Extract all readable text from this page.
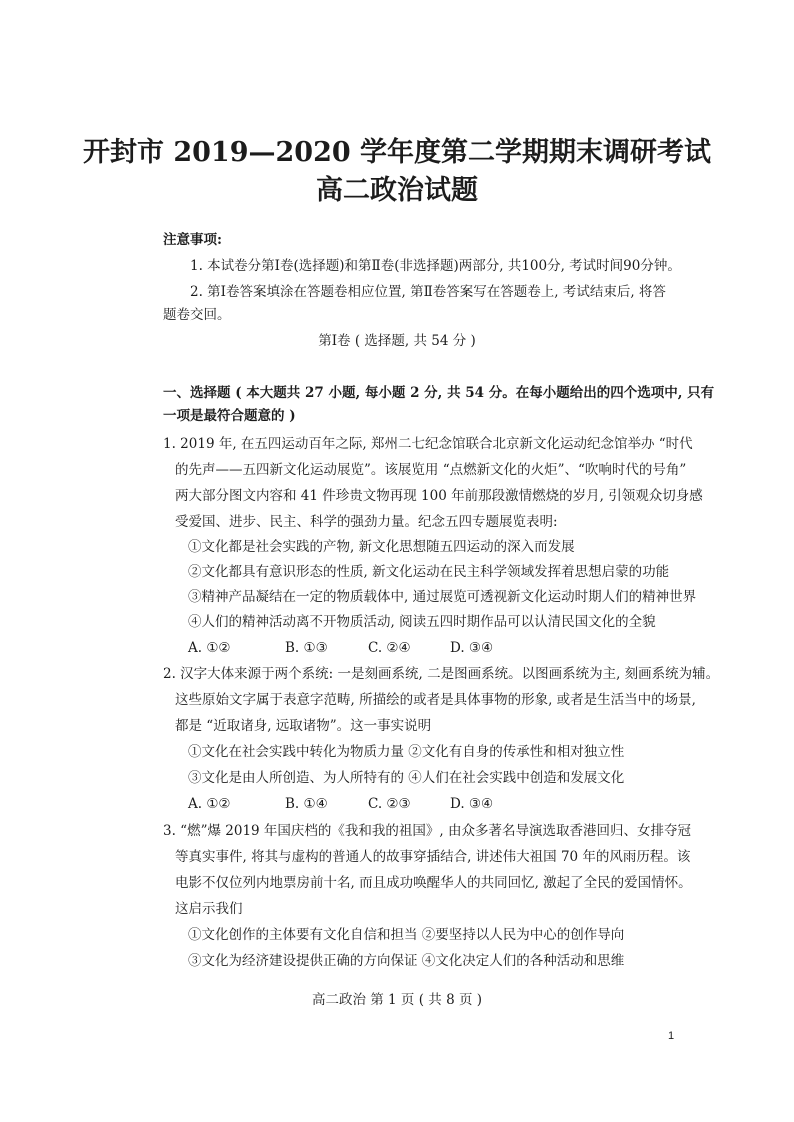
开封市 2019—2020 学年度第二学期期末调研考试
高二政治试题
注意事项:
1. 本试卷分第Ⅰ卷(选择题)和第Ⅱ卷(非选择题)两部分, 共100分, 考试时间90分钟。
2. 第Ⅰ卷答案填涂在答题卷相应位置, 第Ⅱ卷答案写在答题卷上, 考试结束后, 将答
题卷交回。
第Ⅰ卷 ( 选择题, 共 54 分 )
一、选择题 ( 本大题共 27 小题, 每小题 2 分, 共 54 分。在每小题给出的四个选项中, 只有
一项是最符合题意的 )
1. 2019 年, 在五四运动百年之际, 郑州二七纪念馆联合北京新文化运动纪念馆举办 “时代
的先声——五四新文化运动展览”。该展览用 “点燃新文化的火炬”、“吹响时代的号角”
两大部分图文内容和 41 件珍贵文物再现 100 年前那段激情燃烧的岁月, 引领观众切身感
受爱国、进步、民主、科学的强劲力量。纪念五四专题展览表明:
①文化都是社会实践的产物, 新文化思想随五四运动的深入而发展
②文化都具有意识形态的性质, 新文化运动在民主科学领域发挥着思想启蒙的功能
③精神产品凝结在一定的物质载体中, 通过展览可透视新文化运动时期人们的精神世界
④人们的精神活动离不开物质活动, 阅读五四时期作品可以认清民国文化的全貌
A. ①②	B. ①③	C. ②④	D. ③④
2. 汉字大体来源于两个系统: 一是刻画系统, 二是图画系统。以图画系统为主, 刻画系统为辅。
这些原始文字属于表意字范畴, 所描绘的或者是具体事物的形象, 或者是生活当中的场景,
都是 “近取诸身, 远取诸物”。这一事实说明
①文化在社会实践中转化为物质力量 ②文化有自身的传承性和相对独立性
③文化是由人所创造、为人所特有的 ④人们在社会实践中创造和发展文化
A. ①②	B. ①④	C. ②③	D. ③④
3. “燃”爆 2019 年国庆档的《我和我的祖国》, 由众多著名导演选取香港回归、女排夺冠
等真实事件, 将其与虚构的普通人的故事穿插结合, 讲述伟大祖国 70 年的风雨历程。该
电影不仅位列内地票房前十名, 而且成功唤醒华人的共同回忆, 激起了全民的爱国情怀。
这启示我们
①文化创作的主体要有文化自信和担当 ②要坚持以人民为中心的创作导向
③文化为经济建设提供正确的方向保证 ④文化决定人们的各种活动和思维
高二政治 第 1 页 ( 共 8 页 )
1
